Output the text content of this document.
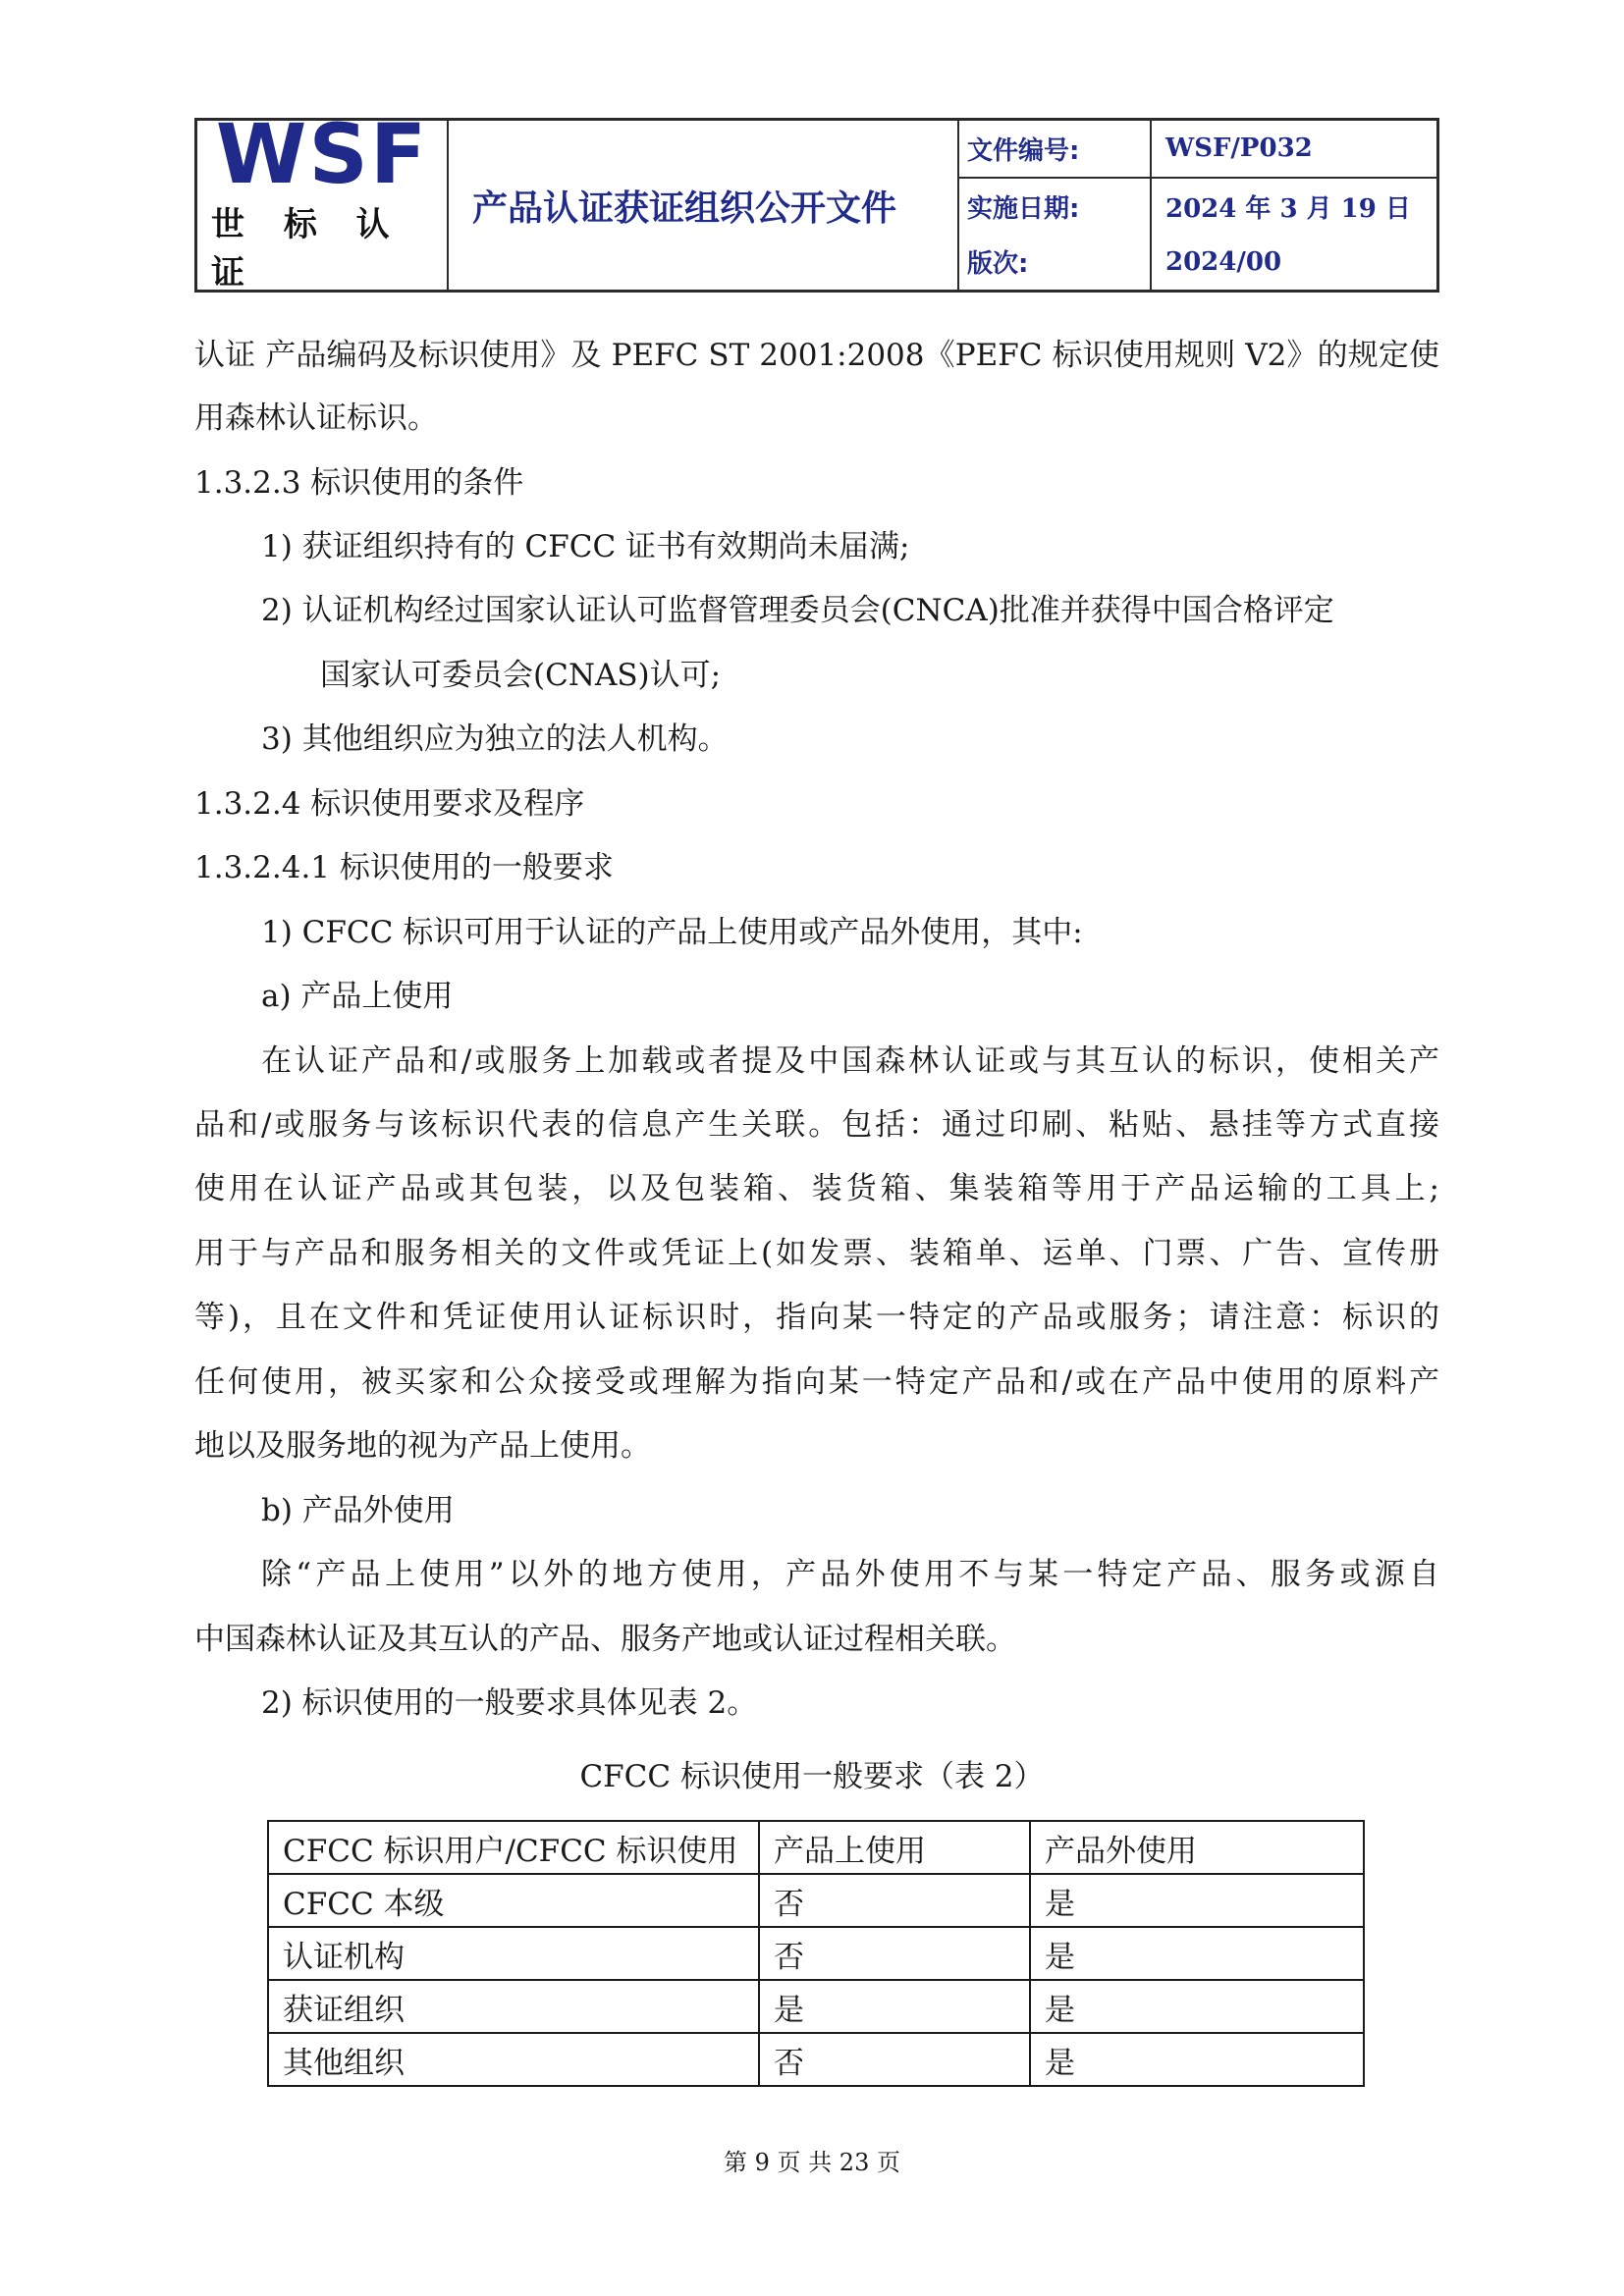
WSF
世 标 认 证
产品认证获证组织公开文件
文件编号:	WSF/P032
实施日期:	2024 年 3 月 19 日
版次:	2024/00
认证 产品编码及标识使用》及 PEFC ST 2001:2008《PEFC 标识使用规则 V2》的规定使
用森林认证标识。
1.3.2.3 标识使用的条件
1) 获证组织持有的 CFCC 证书有效期尚未届满;
2) 认证机构经过国家认证认可监督管理委员会(CNCA)批准并获得中国合格评定
国家认可委员会(CNAS)认可;
3) 其他组织应为独立的法人机构。
1.3.2.4 标识使用要求及程序
1.3.2.4.1 标识使用的一般要求
1) CFCC 标识可用于认证的产品上使用或产品外使用，其中:
a) 产品上使用
在认证产品和/或服务上加载或者提及中国森林认证或与其互认的标识，使相关产
品和/或服务与该标识代表的信息产生关联。包括：通过印刷、粘贴、悬挂等方式直接
使用在认证产品或其包装，以及包装箱、装货箱、集装箱等用于产品运输的工具上;
用于与产品和服务相关的文件或凭证上(如发票、装箱单、运单、门票、广告、宣传册
等)，且在文件和凭证使用认证标识时，指向某一特定的产品或服务；请注意：标识的
任何使用，被买家和公众接受或理解为指向某一特定产品和/或在产品中使用的原料产
地以及服务地的视为产品上使用。
b) 产品外使用
除“产品上使用”以外的地方使用，产品外使用不与某一特定产品、服务或源自
中国森林认证及其互认的产品、服务产地或认证过程相关联。
2) 标识使用的一般要求具体见表 2。
CFCC 标识使用一般要求（表 2）
CFCC 标识用户/CFCC 标识使用	产品上使用	产品外使用
CFCC 本级	否	是
认证机构	否	是
获证组织	是	是
其他组织	否	是
第 9 页 共 23 页
